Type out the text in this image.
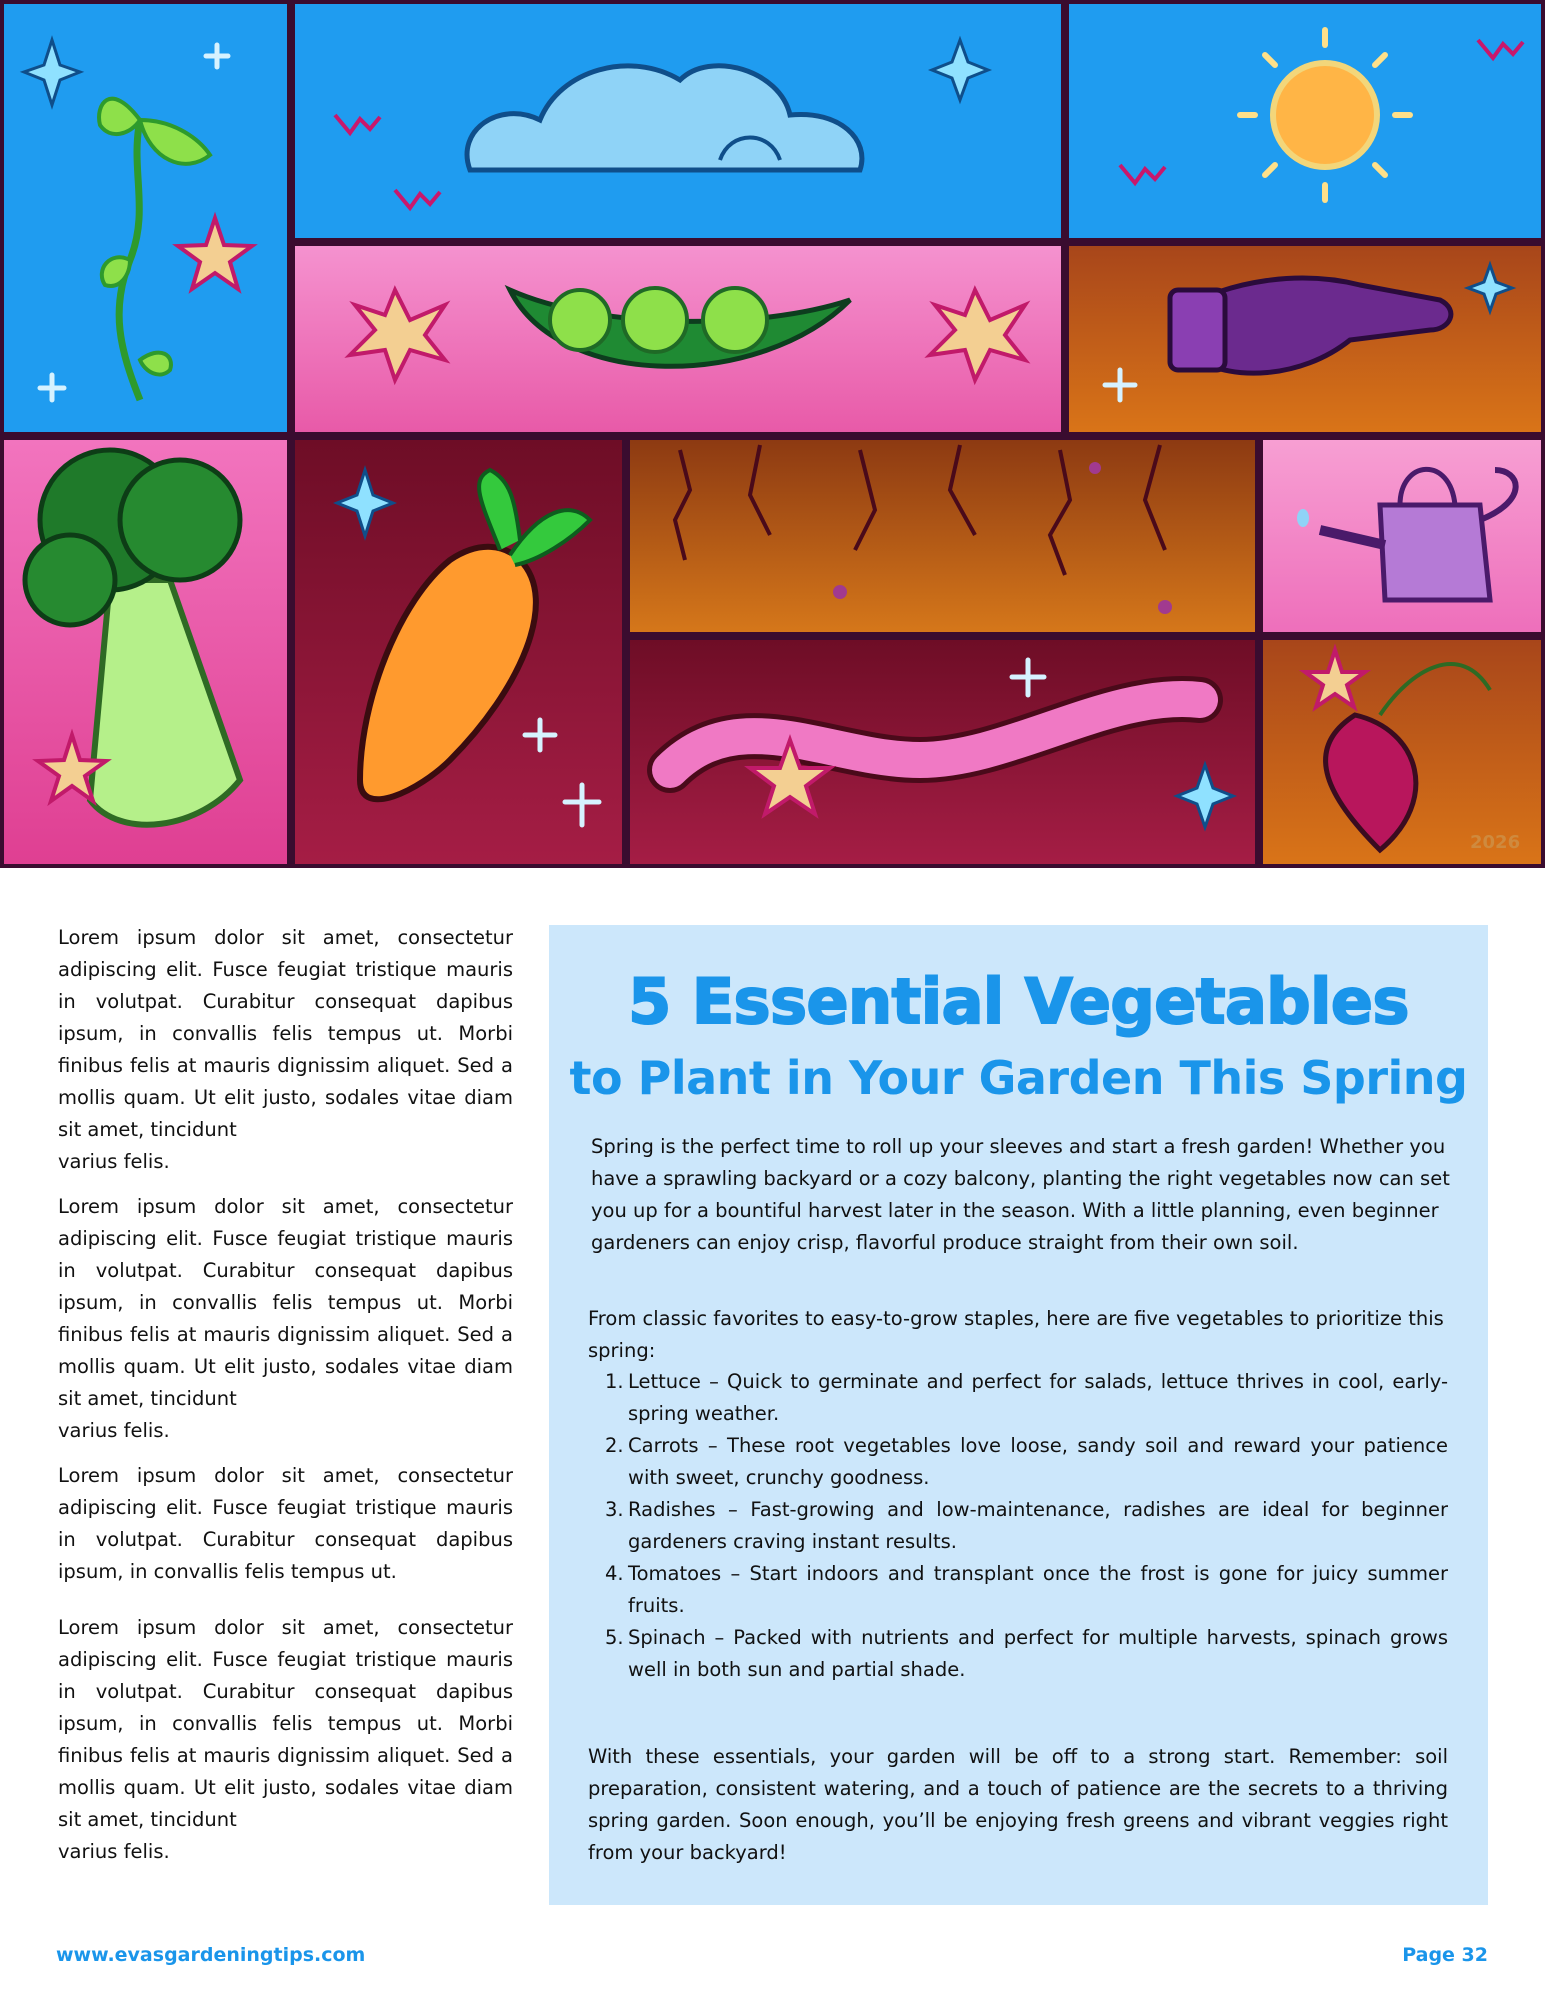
2026

Lorem ipsum dolor sit amet, consectetur adipiscing elit. Fusce feugiat tristique mauris in volutpat. Curabitur consequat dapibus ipsum, in convallis felis tempus ut. Morbi finibus felis at mauris dignissim aliquet. Sed a mollis quam. Ut elit justo, sodales vitae diam sit amet, tincidunt
varius felis.

Lorem ipsum dolor sit amet, consectetur adipiscing elit. Fusce feugiat tristique mauris in volutpat. Curabitur consequat dapibus ipsum, in convallis felis tempus ut. Morbi finibus felis at mauris dignissim aliquet. Sed a mollis quam. Ut elit justo, sodales vitae diam sit amet, tincidunt
varius felis.

Lorem ipsum dolor sit amet, consectetur adipiscing elit. Fusce feugiat tristique mauris in volutpat. Curabitur consequat dapibus ipsum, in convallis felis tempus ut.

Lorem ipsum dolor sit amet, consectetur adipiscing elit. Fusce feugiat tristique mauris in volutpat. Curabitur consequat dapibus ipsum, in convallis felis tempus ut. Morbi finibus felis at mauris dignissim aliquet. Sed a mollis quam. Ut elit justo, sodales vitae diam sit amet, tincidunt
varius felis.

5 Essential Vegetables
to Plant in Your Garden This Spring

Spring is the perfect time to roll up your sleeves and start a fresh garden! Whether you have a sprawling backyard or a cozy balcony, planting the right vegetables now can set you up for a bountiful harvest later in the season. With a little planning, even beginner gardeners can enjoy crisp, flavorful produce straight from their own soil.

From classic favorites to easy-to-grow staples, here are five vegetables to prioritize this spring:

1. Lettuce – Quick to germinate and perfect for salads, lettuce thrives in cool, early-spring weather.
2. Carrots – These root vegetables love loose, sandy soil and reward your patience with sweet, crunchy goodness.
3. Radishes – Fast-growing and low-maintenance, radishes are ideal for beginner gardeners craving instant results.
4. Tomatoes – Start indoors and transplant once the frost is gone for juicy summer fruits.
5. Spinach – Packed with nutrients and perfect for multiple harvests, spinach grows well in both sun and partial shade.

With these essentials, your garden will be off to a strong start. Remember: soil preparation, consistent watering, and a touch of patience are the secrets to a thriving spring garden. Soon enough, you’ll be enjoying fresh greens and vibrant veggies right from your backyard!

www.evasgardeningtips.com	Page 32
